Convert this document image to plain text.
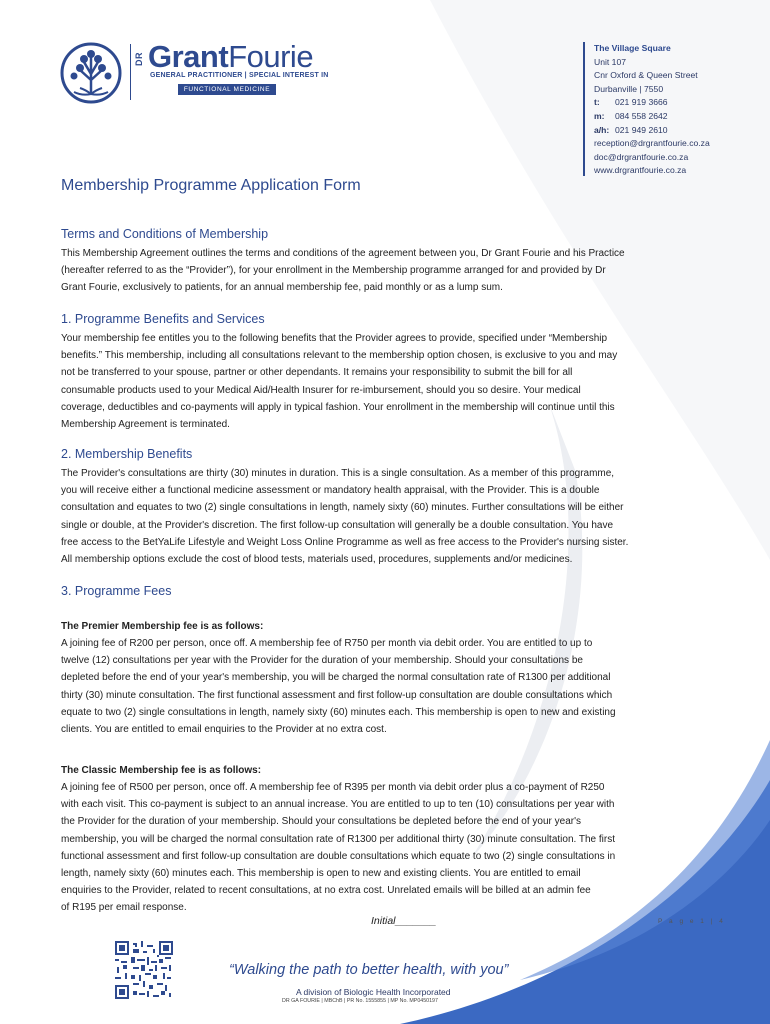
DR GrantFourie
GENERAL PRACTITIONER | SPECIAL INTEREST IN
FUNCTIONAL MEDICINE
The Village Square
Unit 107
Cnr Oxford & Queen Street
Durbanville | 7550
t: 021 919 3666
m: 084 558 2642
a/h: 021 949 2610
reception@drgrantfourie.co.za
doc@drgrantfourie.co.za
www.drgrantfourie.co.za
Membership Programme Application Form
Terms and Conditions of Membership
This Membership Agreement outlines the terms and conditions of the agreement between you, Dr Grant Fourie and his Practice
(hereafter referred to as the “Provider”), for your enrollment in the Membership programme arranged for and provided by Dr
Grant Fourie, exclusively to patients, for an annual membership fee, paid monthly or as a lump sum.
1. Programme Benefits and Services
Your membership fee entitles you to the following benefits that the Provider agrees to provide, specified under “Membership
benefits.” This membership, including all consultations relevant to the membership option chosen, is exclusive to you and may
not be transferred to your spouse, partner or other dependants. It remains your responsibility to submit the bill for all
consumable products used to your Medical Aid/Health Insurer for re-imbursement, should you so desire. Your medical
coverage, deductibles and co-payments will apply in typical fashion. Your enrollment in the membership will continue until this
Membership Agreement is terminated.
2. Membership Benefits
The Provider's consultations are thirty (30) minutes in duration. This is a single consultation. As a member of this programme,
you will receive either a functional medicine assessment or mandatory health appraisal, with the Provider. This is a double
consultation and equates to two (2) single consultations in length, namely sixty (60) minutes. Further consultations will be either
single or double, at the Provider's discretion. The first follow-up consultation will generally be a double consultation. You have
free access to the BetYaLife Lifestyle and Weight Loss Online Programme as well as free access to the Provider's nursing sister.
All membership options exclude the cost of blood tests, materials used, procedures, supplements and/or medicines.
3. Programme Fees
The Premier Membership fee is as follows:
A joining fee of R200 per person, once off. A membership fee of R750 per month via debit order. You are entitled to up to
twelve (12) consultations per year with the Provider for the duration of your membership. Should your consultations be
depleted before the end of your year's membership, you will be charged the normal consultation rate of R1300 per additional
thirty (30) minute consultation. The first functional assessment and first follow-up consultation are double consultations which
equate to two (2) single consultations in length, namely sixty (60) minutes each. This membership is open to new and existing
clients. You are entitled to email enquiries to the Provider at no extra cost.
The Classic Membership fee is as follows:
A joining fee of R500 per person, once off. A membership fee of R395 per month via debit order plus a co-payment of R250
with each visit. This co-payment is subject to an annual increase. You are entitled to up to ten (10) consultations per year with
the Provider for the duration of your membership. Should your consultations be depleted before the end of your year's
membership, you will be charged the normal consultation rate of R1300 per additional thirty (30) minute consultation. The first
functional assessment and first follow-up consultation are double consultations which equate to two (2) single consultations in
length, namely sixty (60) minutes each. This membership is open to new and existing clients. You are entitled to email
enquiries to the Provider, related to recent consultations, at no extra cost. Unrelated emails will be billed at an admin fee
of R195 per email response.
Initial_______	P a g e 1 | 4
“Walking the path to better health, with you”
A division of Biologic Health Incorporated
DR GA FOURIE | MBChB | PR No. 1555855 | MP No. MP0450197
